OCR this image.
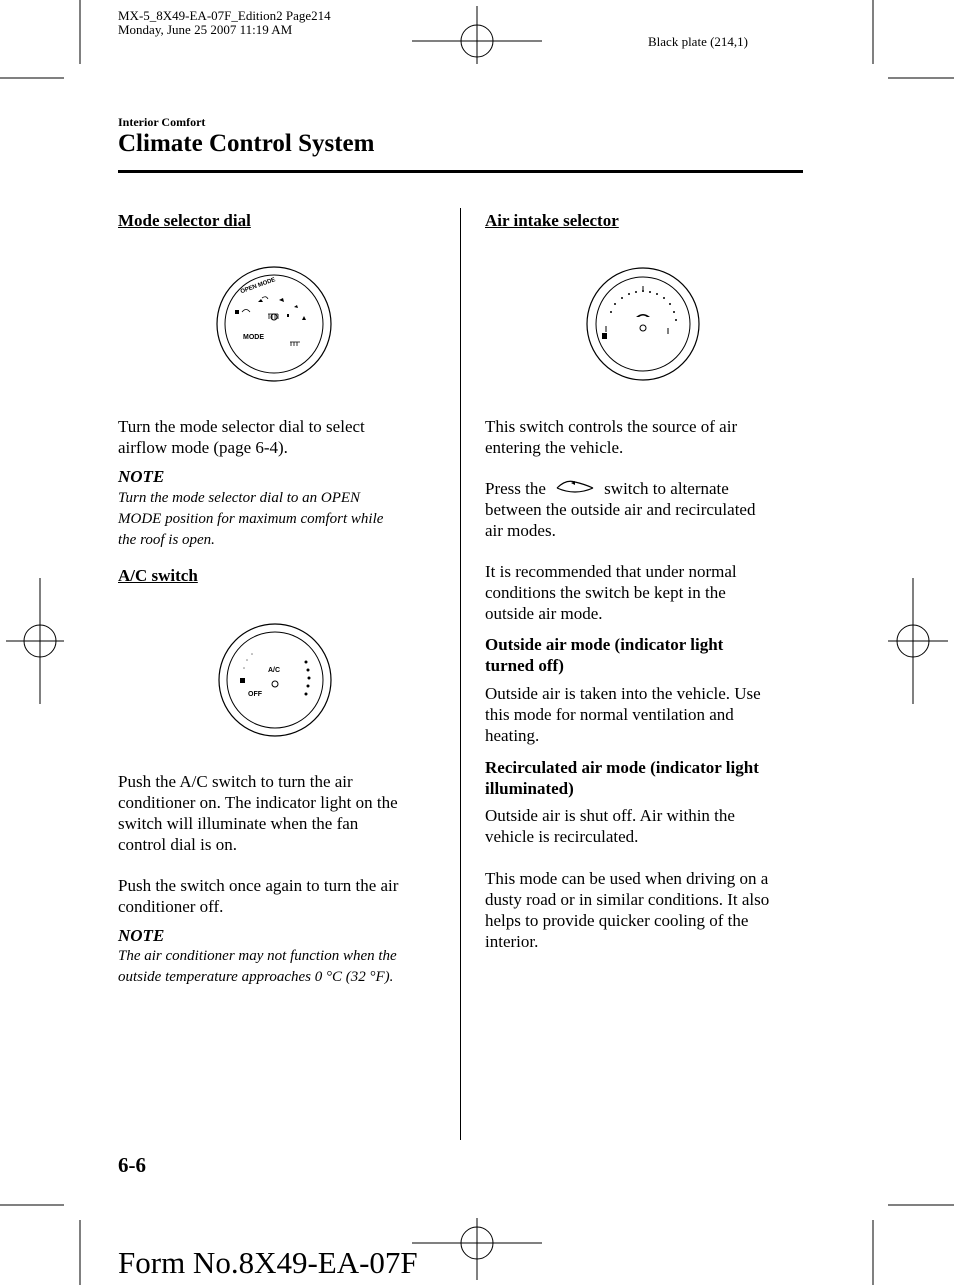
MX-5_8X49-EA-07F_Edition2 Page214
Monday, June 25 2007 11:19 AM
Black plate (214,1)
Interior Comfort
Climate Control System
Mode selector dial
OPEN MODE
MODE
Turn the mode selector dial to select
airflow mode (page 6-4).
NOTE
Turn the mode selector dial to an OPEN
MODE position for maximum comfort while
the roof is open.
A/C switch
A/C
OFF
Push the A/C switch to turn the air
conditioner on. The indicator light on the
switch will illuminate when the fan
control dial is on.
Push the switch once again to turn the air
conditioner off.
NOTE
The air conditioner may not function when the
outside temperature approaches 0 °C (32 °F).
Air intake selector
This switch controls the source of air
entering the vehicle.
Press the	switch to alternate
between the outside air and recirculated
air modes.
It is recommended that under normal
conditions the switch be kept in the
outside air mode.
Outside air mode (indicator light
turned off)
Outside air is taken into the vehicle. Use
this mode for normal ventilation and
heating.
Recirculated air mode (indicator light
illuminated)
Outside air is shut off. Air within the
vehicle is recirculated.
This mode can be used when driving on a
dusty road or in similar conditions. It also
helps to provide quicker cooling of the
interior.
6-6
Form No.8X49-EA-07F
